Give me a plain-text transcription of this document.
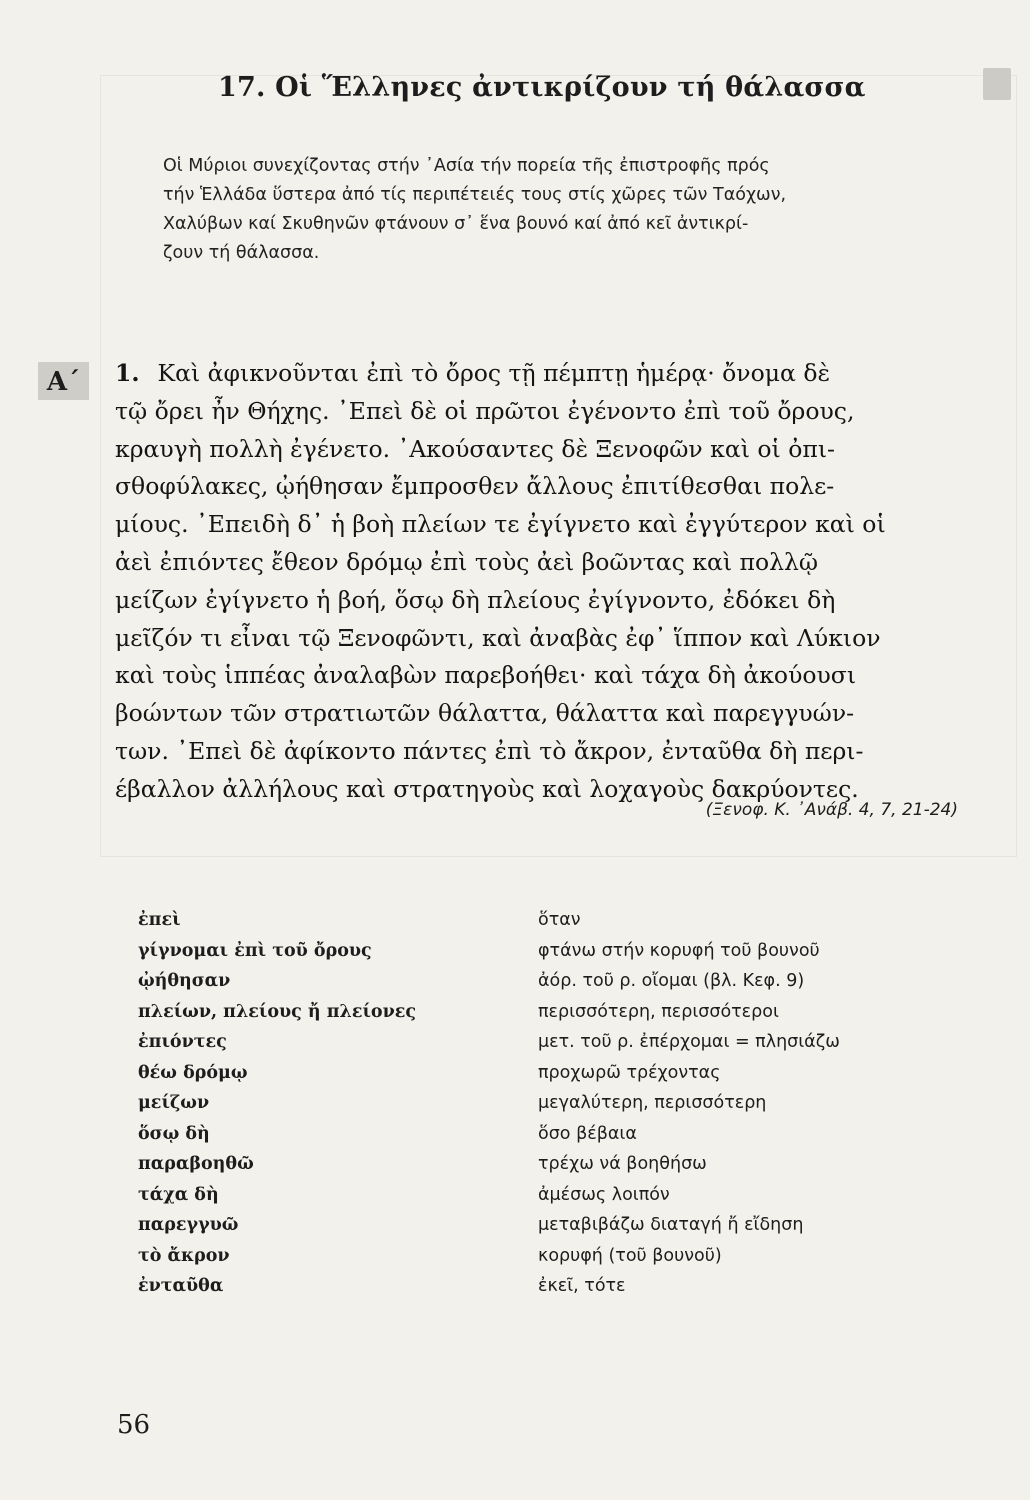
17. Οἱ Ἕλληνες ἀντικρίζουν τή θάλασσα
Οἱ Μύριοι συνεχίζοντας στήν ᾿Ασία τήν πορεία τῆς ἐπιστροφῆς πρός
τήν Ἑλλάδα ὕστερα ἀπό τίς περιπέτειές τους στίς χῶρες τῶν Ταόχων,
Χαλύβων καί Σκυθηνῶν φτάνουν σ᾿ ἕνα βουνό καί ἀπό κεῖ ἀντικρί-
ζουν τή θάλασσα.
Α΄	1. Καὶ ἀφικνοῦνται ἐπὶ τὸ ὄρος τῇ πέμπτῃ ἡμέρᾳ· ὄνομα δὲ
τῷ ὄρει ἦν Θήχης. ᾿Επεὶ δὲ οἱ πρῶτοι ἐγένοντο ἐπὶ τοῦ ὄρους,
κραυγὴ πολλὴ ἐγένετο. ᾿Ακούσαντες δὲ Ξενοφῶν καὶ οἱ ὀπι-
σθοφύλακες, ᾠήθησαν ἔμπροσθεν ἄλλους ἐπιτίθεσθαι πολε-
μίους. ᾿Επειδὴ δ᾿ ἡ βοὴ πλείων τε ἐγίγνετο καὶ ἐγγύτερον καὶ οἱ
ἀεὶ ἐπιόντες ἔθεον δρόμῳ ἐπὶ τοὺς ἀεὶ βοῶντας καὶ πολλῷ
μείζων ἐγίγνετο ἡ βοή, ὅσῳ δὴ πλείους ἐγίγνοντο, ἐδόκει δὴ
μεῖζόν τι εἶναι τῷ Ξενοφῶντι, καὶ ἀναβὰς ἐφ᾿ ἵππον καὶ Λύκιον
καὶ τοὺς ἱππέας ἀναλαβὼν παρεβοήθει· καὶ τάχα δὴ ἀκούουσι
βοώντων τῶν στρατιωτῶν θάλαττα, θάλαττα καὶ παρεγγυών-
των. ᾿Επεὶ δὲ ἀφίκοντο πάντες ἐπὶ τὸ ἄκρον, ἐνταῦθα δὴ περι-
έβαλλον ἀλλήλους καὶ στρατηγοὺς καὶ λοχαγοὺς δακρύοντες.
(Ξενοφ. Κ. ᾿Ανάβ. 4, 7, 21-24)
ἐπεὶ	ὅταν
γίγνομαι ἐπὶ τοῦ ὄρους	φτάνω στήν κορυφή τοῦ βουνοῦ
ᾠήθησαν	ἀόρ. τοῦ ρ. οἴομαι (βλ. Κεφ. 9)
πλείων, πλείους ἤ πλείονες	περισσότερη, περισσότεροι
ἐπιόντες	μετ. τοῦ ρ. ἐπέρχομαι = πλησιάζω
θέω δρόμῳ	προχωρῶ τρέχοντας
μείζων	μεγαλύτερη, περισσότερη
ὅσῳ δὴ	ὅσο βέβαια
παραβοηθῶ	τρέχω νά βοηθήσω
τάχα δὴ	ἀμέσως λοιπόν
παρεγγυῶ	μεταβιβάζω διαταγή ἤ εἴδηση
τὸ ἄκρον	κορυφή (τοῦ βουνοῦ)
ἐνταῦθα	ἐκεῖ, τότε
56
